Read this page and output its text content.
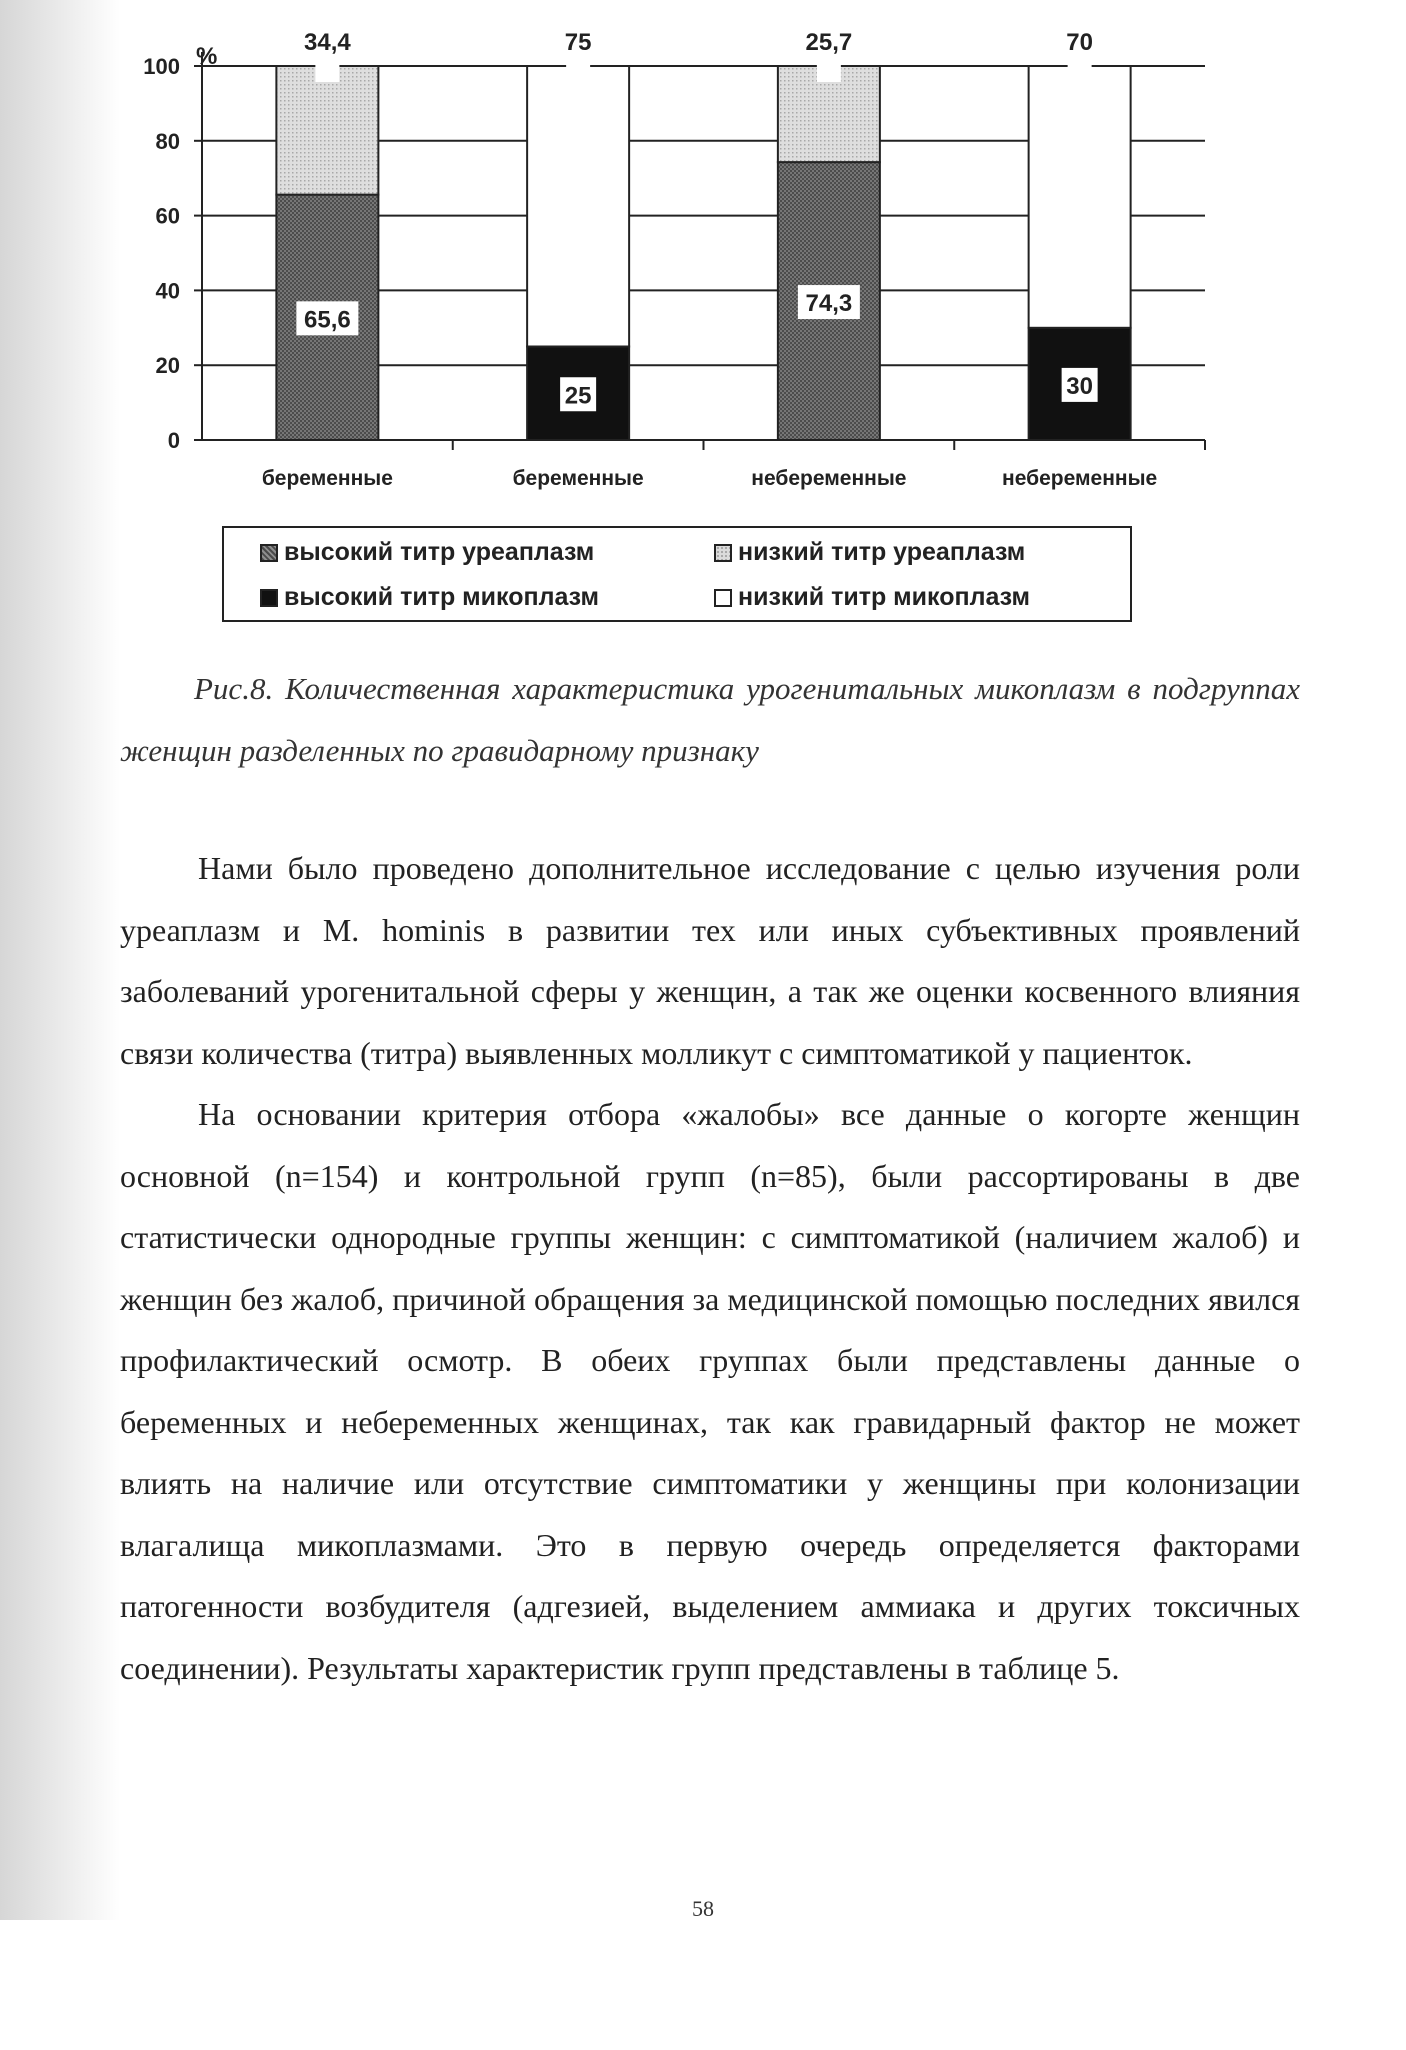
100
80
60
40
20
0
%
беременные	беременные	небеременные	небеременные
65,6
34,4
25
75
74,3
25,7
30
70
высокий титр уреаплазм	низкий титр уреаплазм
высокий титр микоплазм	низкий титр микоплазм
Рис.8. Количественная характеристика урогенитальных микоплазм в подгруппах женщин разделенных по гравидарному признаку

Нами было проведено дополнительное исследование с целью изучения роли уреаплазм и M. hominis в развитии тех или иных субъективных проявлений заболеваний урогенитальной сферы у женщин, а так же оценки косвенного влияния связи количества (титра) выявленных молликут с симптоматикой у пациенток.

На основании критерия отбора «жалобы» все данные о когорте женщин основной (n=154) и контрольной групп (n=85), были рассортированы в две статистически однородные группы женщин: с симптоматикой (наличием жалоб) и женщин без жалоб, причиной обращения за медицинской помощью последних явился профилактический осмотр. В обеих группах были представлены данные о беременных и небеременных женщинах, так как гравидарный фактор не может влиять на наличие или отсутствие симптоматики у женщины при колонизации влагалища микоплазмами. Это в первую очередь определяется факторами патогенности возбудителя (адгезией, выделением аммиака и других токсичных соединении). Результаты характеристик групп представлены в таблице 5.

58
